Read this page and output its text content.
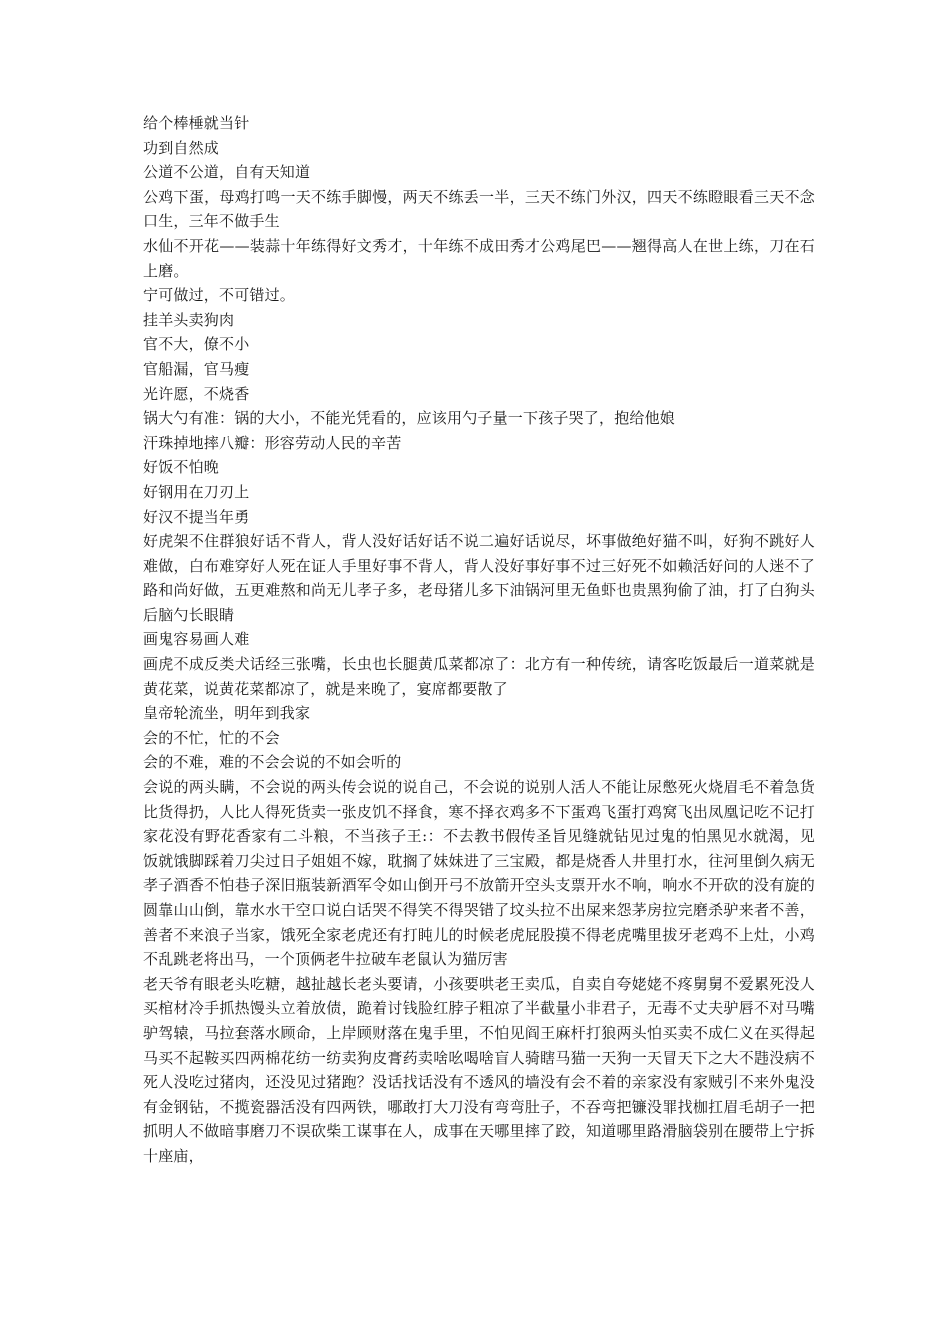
给个棒棰就当针

功到自然成

公道不公道，自有天知道

公鸡下蛋，母鸡打鸣一天不练手脚慢，两天不练丢一半，三天不练门外汉，四天不练瞪眼看三天不念口生，三年不做手生

水仙不开花——装蒜十年练得好文秀才，十年练不成田秀才公鸡尾巴——翘得高人在世上练，刀在石上磨。

宁可做过，不可错过。

挂羊头卖狗肉

官不大，僚不小

官船漏，官马瘦

光许愿，不烧香

锅大勺有准：锅的大小，不能光凭看的，应该用勺子量一下孩子哭了，抱给他娘

汗珠掉地摔八瓣：形容劳动人民的辛苦

好饭不怕晚

好钢用在刀刃上

好汉不提当年勇

好虎架不住群狼好话不背人，背人没好话好话不说二遍好话说尽，坏事做绝好猫不叫，好狗不跳好人难做，白布难穿好人死在证人手里好事不背人，背人没好事好事不过三好死不如赖活好问的人迷不了路和尚好做，五更难熬和尚无儿孝子多，老母猪儿多下油锅河里无鱼虾也贵黑狗偷了油，打了白狗头后脑勺长眼睛

画鬼容易画人难

画虎不成反类犬话经三张嘴，长虫也长腿黄瓜菜都凉了：北方有一种传统，请客吃饭最后一道菜就是黄花菜，说黄花菜都凉了，就是来晚了，宴席都要散了

皇帝轮流坐，明年到我家

会的不忙，忙的不会

会的不难，难的不会会说的不如会听的

会说的两头瞒，不会说的两头传会说的说自己，不会说的说别人活人不能让尿憋死火烧眉毛不着急货比货得扔，人比人得死货卖一张皮饥不择食，寒不择衣鸡多不下蛋鸡飞蛋打鸡窝飞出凤凰记吃不记打家花没有野花香家有二斗粮，不当孩子王:：不去教书假传圣旨见缝就钻见过鬼的怕黑见水就渴，见饭就饿脚踩着刀尖过日子姐姐不嫁，耽搁了妹妹进了三宝殿，都是烧香人井里打水，往河里倒久病无孝子酒香不怕巷子深旧瓶装新酒军令如山倒开弓不放箭开空头支票开水不响，响水不开砍的没有旋的圆靠山山倒，靠水水干空口说白话哭不得笑不得哭错了坟头拉不出屎来怨茅房拉完磨杀驴来者不善，善者不来浪子当家，饿死全家老虎还有打盹儿的时候老虎屁股摸不得老虎嘴里拔牙老鸡不上灶，小鸡不乱跳老将出马，一个顶俩老牛拉破车老鼠认为猫厉害

老天爷有眼老头吃糖，越扯越长老头要请，小孩要哄老王卖瓜，自卖自夸姥姥不疼舅舅不爱累死没人买棺材冷手抓热馒头立着放债，跪着讨钱脸红脖子粗凉了半截量小非君子，无毒不丈夫驴唇不对马嘴驴驾辕，马拉套落水顾命，上岸顾财落在鬼手里，不怕见阎王麻杆打狼两头怕买卖不成仁义在买得起马买不起鞍买四两棉花纺一纺卖狗皮膏药卖啥吆喝啥盲人骑瞎马猫一天狗一天冒天下之大不韪没病不死人没吃过猪肉，还没见过猪跑？没话找话没有不透风的墙没有会不着的亲家没有家贼引不来外鬼没有金钢钻，不揽瓷器活没有四两铁，哪敢打大刀没有弯弯肚子，不吞弯把镰没罪找枷扛眉毛胡子一把抓明人不做暗事磨刀不误砍柴工谋事在人，成事在天哪里摔了跤，知道哪里路滑脑袋别在腰带上宁拆十座庙，
